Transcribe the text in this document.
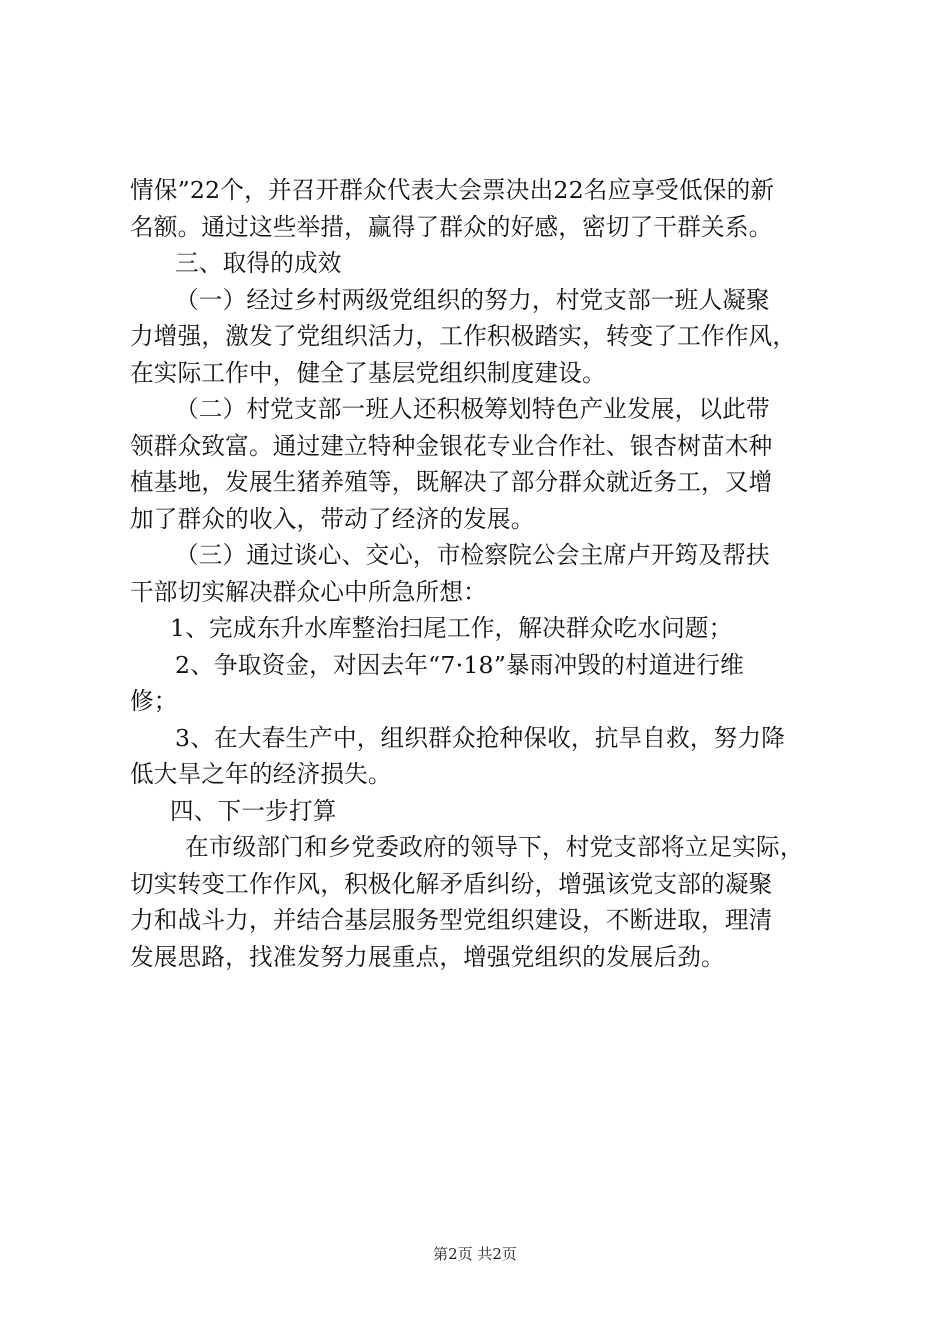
情保”22个，并召开群众代表大会票决出22名应享受低保的新
名额。通过这些举措，赢得了群众的好感，密切了干群关系。
三、取得的成效
（一）经过乡村两级党组织的努力，村党支部一班人凝聚
力增强，激发了党组织活力，工作积极踏实，转变了工作作风，
在实际工作中，健全了基层党组织制度建设。
（二）村党支部一班人还积极筹划特色产业发展，以此带
领群众致富。通过建立特种金银花专业合作社、银杏树苗木种
植基地，发展生猪养殖等，既解决了部分群众就近务工，又增
加了群众的收入，带动了经济的发展。
（三）通过谈心、交心，市检察院公会主席卢开筠及帮扶
干部切实解决群众心中所急所想：
1、完成东升水库整治扫尾工作，解决群众吃水问题；
2、争取资金，对因去年“7·18”暴雨冲毁的村道进行维
修；
3、在大春生产中，组织群众抢种保收，抗旱自救，努力降
低大旱之年的经济损失。
四、下一步打算
在市级部门和乡党委政府的领导下，村党支部将立足实际，
切实转变工作作风，积极化解矛盾纠纷，增强该党支部的凝聚
力和战斗力，并结合基层服务型党组织建设，不断进取，理清
发展思路，找准发努力展重点，增强党组织的发展后劲。
第2页 共2页
